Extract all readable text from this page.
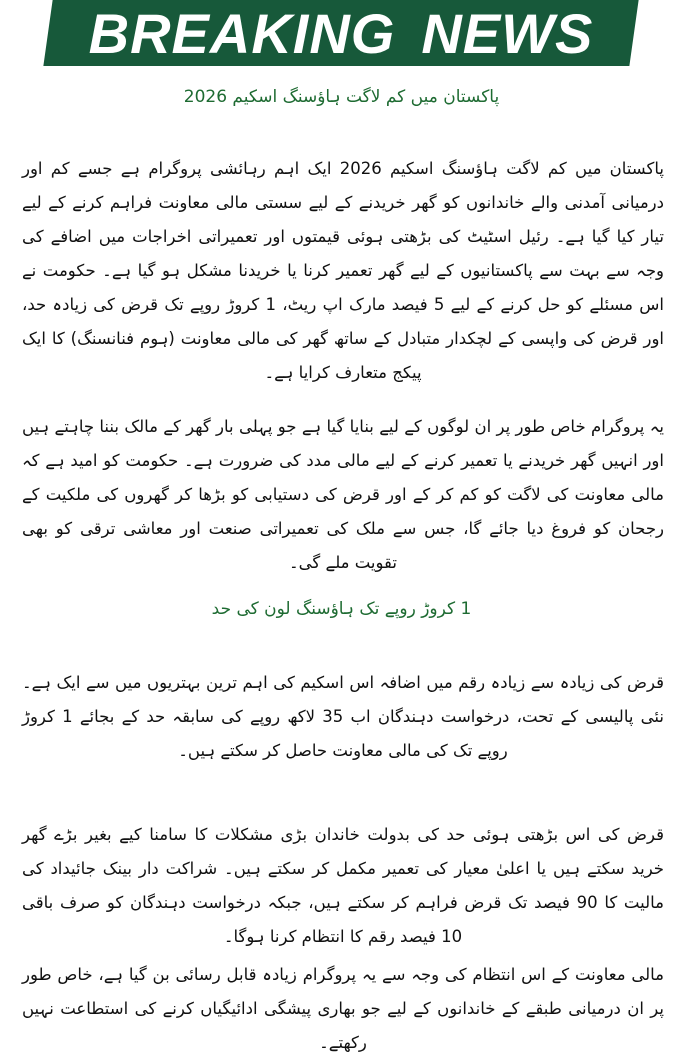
BREAKING NEWS
پاکستان میں کم لاگت ہاؤسنگ اسکیم 2026
پاکستان میں کم لاگت ہاؤسنگ اسکیم 2026 ایک اہم رہائشی پروگرام ہے جسے کم اور درمیانی آمدنی والے خاندانوں کو گھر خریدنے کے لیے سستی مالی معاونت فراہم کرنے کے لیے تیار کیا گیا ہے۔ رئیل اسٹیٹ کی بڑھتی ہوئی قیمتوں اور تعمیراتی اخراجات میں اضافے کی وجہ سے بہت سے پاکستانیوں کے لیے گھر تعمیر کرنا یا خریدنا مشکل ہو گیا ہے۔ حکومت نے اس مسئلے کو حل کرنے کے لیے 5 فیصد مارک اپ ریٹ، 1 کروڑ روپے تک قرض کی زیادہ حد، اور قرض کی واپسی کے لچکدار متبادل کے ساتھ گھر کی مالی معاونت (ہوم فنانسنگ) کا ایک پیکج متعارف کرایا ہے۔
یہ پروگرام خاص طور پر ان لوگوں کے لیے بنایا گیا ہے جو پہلی بار گھر کے مالک بننا چاہتے ہیں اور انہیں گھر خریدنے یا تعمیر کرنے کے لیے مالی مدد کی ضرورت ہے۔ حکومت کو امید ہے کہ مالی معاونت کی لاگت کو کم کر کے اور قرض کی دستیابی کو بڑھا کر گھروں کی ملکیت کے رجحان کو فروغ دیا جائے گا، جس سے ملک کی تعمیراتی صنعت اور معاشی ترقی کو بھی تقویت ملے گی۔
1 کروڑ روپے تک ہاؤسنگ لون کی حد
قرض کی زیادہ سے زیادہ رقم میں اضافہ اس اسکیم کی اہم ترین بہتریوں میں سے ایک ہے۔ نئی پالیسی کے تحت، درخواست دہندگان اب 35 لاکھ روپے کی سابقہ حد کے بجائے 1 کروڑ روپے تک کی مالی معاونت حاصل کر سکتے ہیں۔
قرض کی اس بڑھتی ہوئی حد کی بدولت خاندان بڑی مشکلات کا سامنا کیے بغیر بڑے گھر خرید سکتے ہیں یا اعلیٰ معیار کی تعمیر مکمل کر سکتے ہیں۔ شراکت دار بینک جائیداد کی مالیت کا 90 فیصد تک قرض فراہم کر سکتے ہیں، جبکہ درخواست دہندگان کو صرف باقی 10 فیصد رقم کا انتظام کرنا ہوگا۔
مالی معاونت کے اس انتظام کی وجہ سے یہ پروگرام زیادہ قابل رسائی بن گیا ہے، خاص طور پر ان درمیانی طبقے کے خاندانوں کے لیے جو بھاری پیشگی ادائیگیاں کرنے کی استطاعت نہیں رکھتے۔
